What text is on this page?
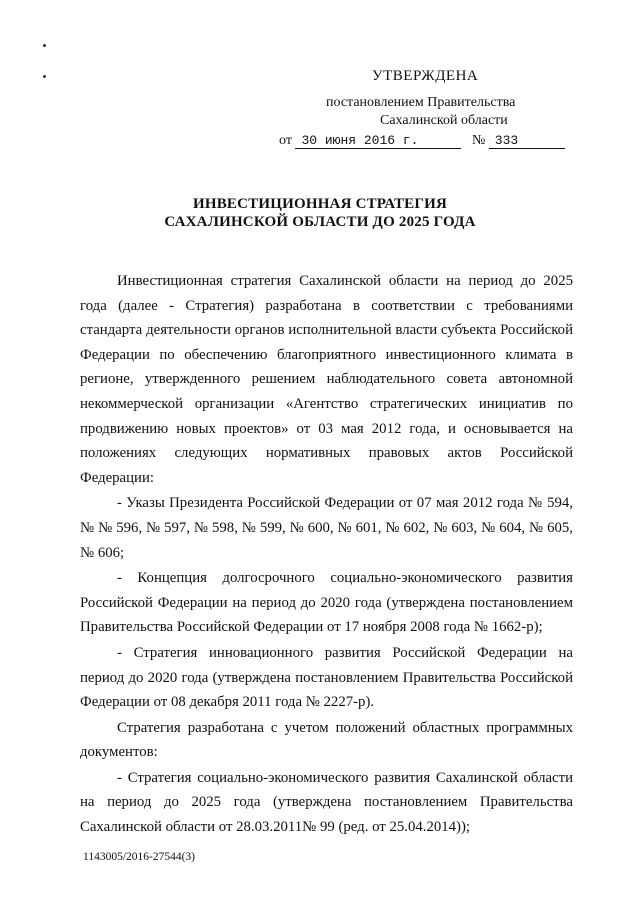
УТВЕРЖДЕНА
постановлением Правительства
Сахалинской области
от 30 июня 2016 г.	№ 333
ИНВЕСТИЦИОННАЯ СТРАТЕГИЯ
САХАЛИНСКОЙ ОБЛАСТИ ДО 2025 ГОДА

Инвестиционная стратегия Сахалинской области на период до 2025 года (далее - Стратегия) разработана в соответствии с требованиями стандарта деятельности органов исполнительной власти субъекта Российской Федерации по обеспечению благоприятного инвестиционного климата в регионе, утвержденного решением наблюдательного совета автономной некоммерческой организации «Агентство стратегических инициатив по продвижению новых проектов» от 03 мая 2012 года, и основывается на положениях следующих нормативных правовых актов Российской Федерации:

- Указы Президента Российской Федерации от 07 мая 2012 года № 594, № № 596, № 597, № 598, № 599, № 600, № 601, № 602, № 603, № 604, № 605, № 606;

- Концепция долгосрочного социально-экономического развития Российской Федерации на период до 2020 года (утверждена постановлением Правительства Российской Федерации от 17 ноября 2008 года № 1662-р);

- Стратегия инновационного развития Российской Федерации на период до 2020 года (утверждена постановлением Правительства Российской Федерации от 08 декабря 2011 года № 2227-р).

Стратегия разработана с учетом положений областных программных документов:

- Стратегия социально-экономического развития Сахалинской области на период до 2025 года (утверждена постановлением Правительства Сахалинской области от 28.03.2011№ 99 (ред. от 25.04.2014));

1143005/2016-27544(3)
